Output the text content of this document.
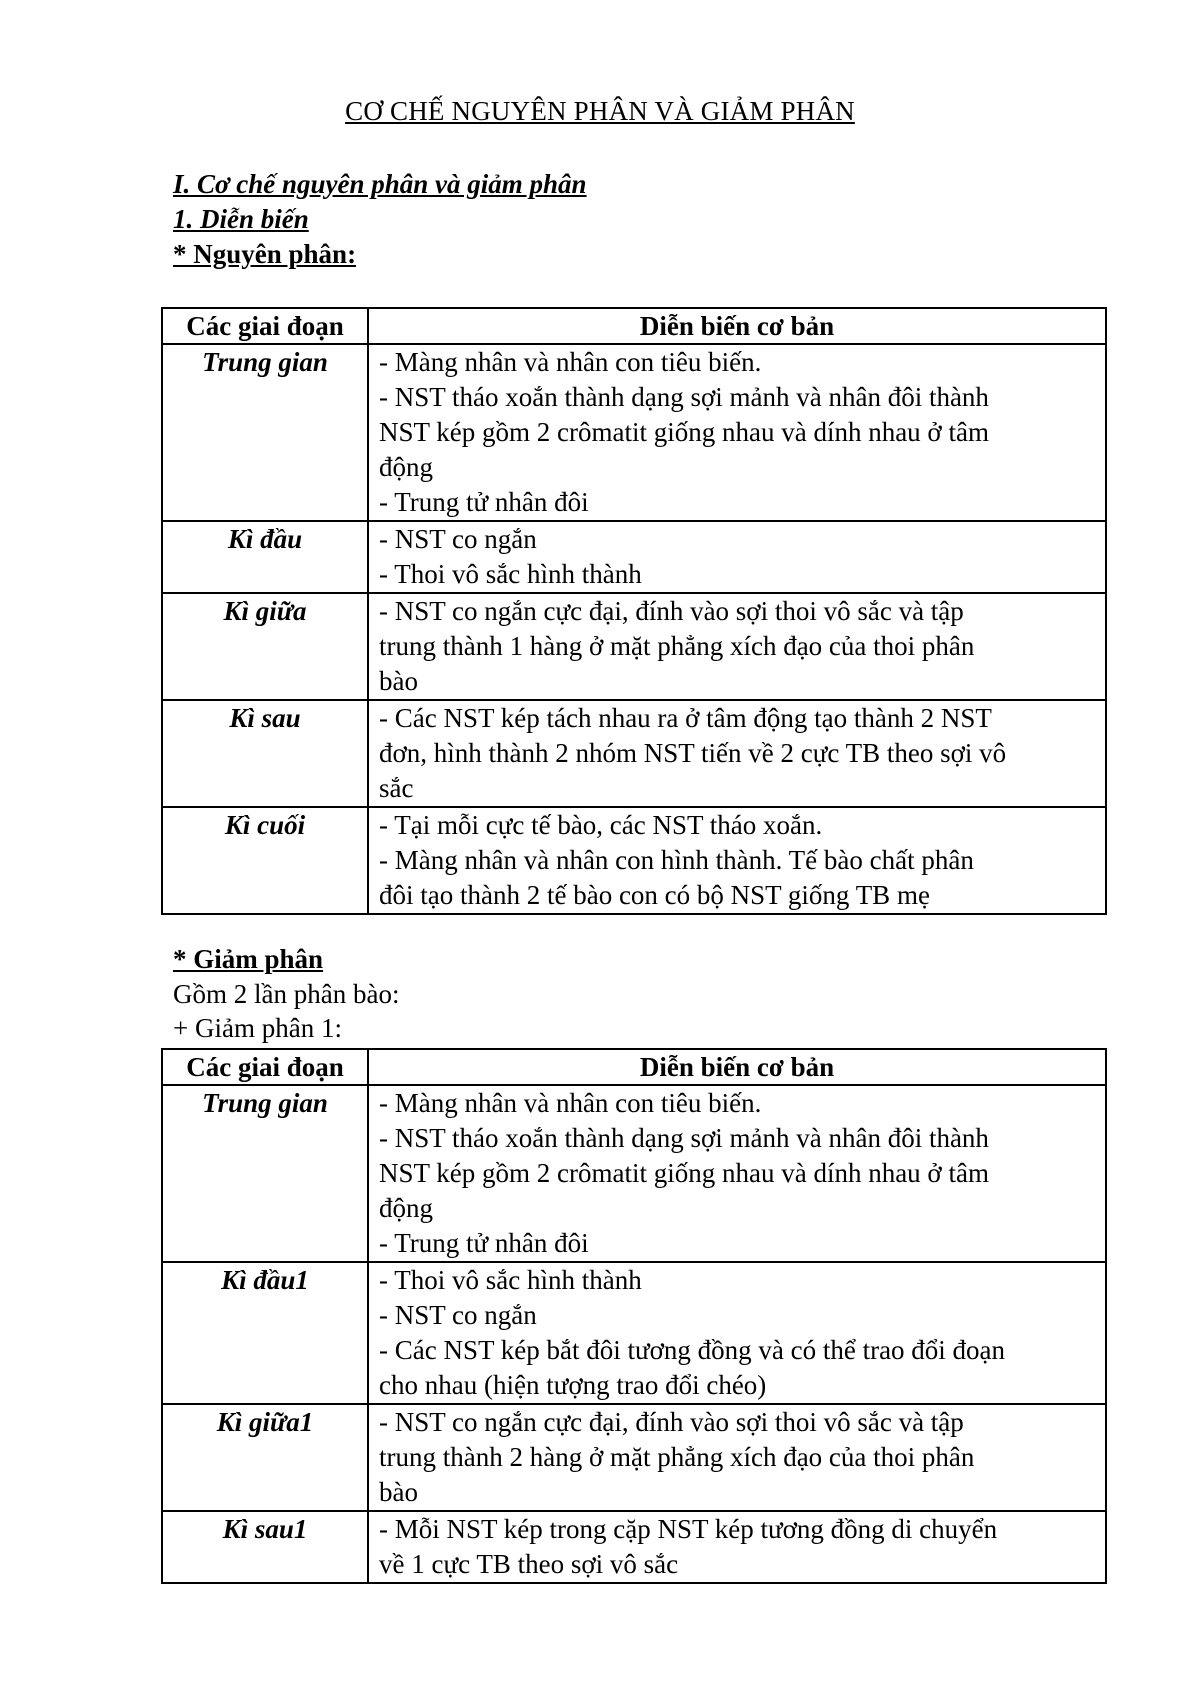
CƠ CHẾ NGUYÊN PHÂN VÀ GIẢM PHÂN
I. Cơ chế nguyên phân và giảm phân
1. Diễn biến
* Nguyên phân:
Các giai đoạn	Diễn biến cơ bản
Trung gian	- Màng nhân và nhân con tiêu biến.
- NST tháo xoắn thành dạng sợi mảnh và nhân đôi thành
NST kép gồm 2 crômatit giống nhau và dính nhau ở tâm
động
- Trung tử nhân đôi

Kì đầu	- NST co ngắn
- Thoi vô sắc hình thành

Kì giữa	- NST co ngắn cực đại, đính vào sợi thoi vô sắc và tập
trung thành 1 hàng ở mặt phẳng xích đạo của thoi phân
bào

Kì sau	- Các NST kép tách nhau ra ở tâm động tạo thành 2 NST
đơn, hình thành 2 nhóm NST tiến về 2 cực TB theo sợi vô
sắc

Kì cuối	- Tại mỗi cực tế bào, các NST tháo xoắn.
- Màng nhân và nhân con hình thành. Tế bào chất phân
đôi tạo thành 2 tế bào con có bộ NST giống TB mẹ
* Giảm phân
Gồm 2 lần phân bào:
+ Giảm phân 1:
Các giai đoạn	Diễn biến cơ bản
Trung gian	- Màng nhân và nhân con tiêu biến.
- NST tháo xoắn thành dạng sợi mảnh và nhân đôi thành
NST kép gồm 2 crômatit giống nhau và dính nhau ở tâm
động
- Trung tử nhân đôi

Kì đầu1	- Thoi vô sắc hình thành
- NST co ngắn
- Các NST kép bắt đôi tương đồng và có thể trao đổi đoạn
cho nhau (hiện tượng trao đổi chéo)

Kì giữa1	- NST co ngắn cực đại, đính vào sợi thoi vô sắc và tập
trung thành 2 hàng ở mặt phẳng xích đạo của thoi phân
bào

Kì sau1	- Mỗi NST kép trong cặp NST kép tương đồng di chuyển
về 1 cực TB theo sợi vô sắc
